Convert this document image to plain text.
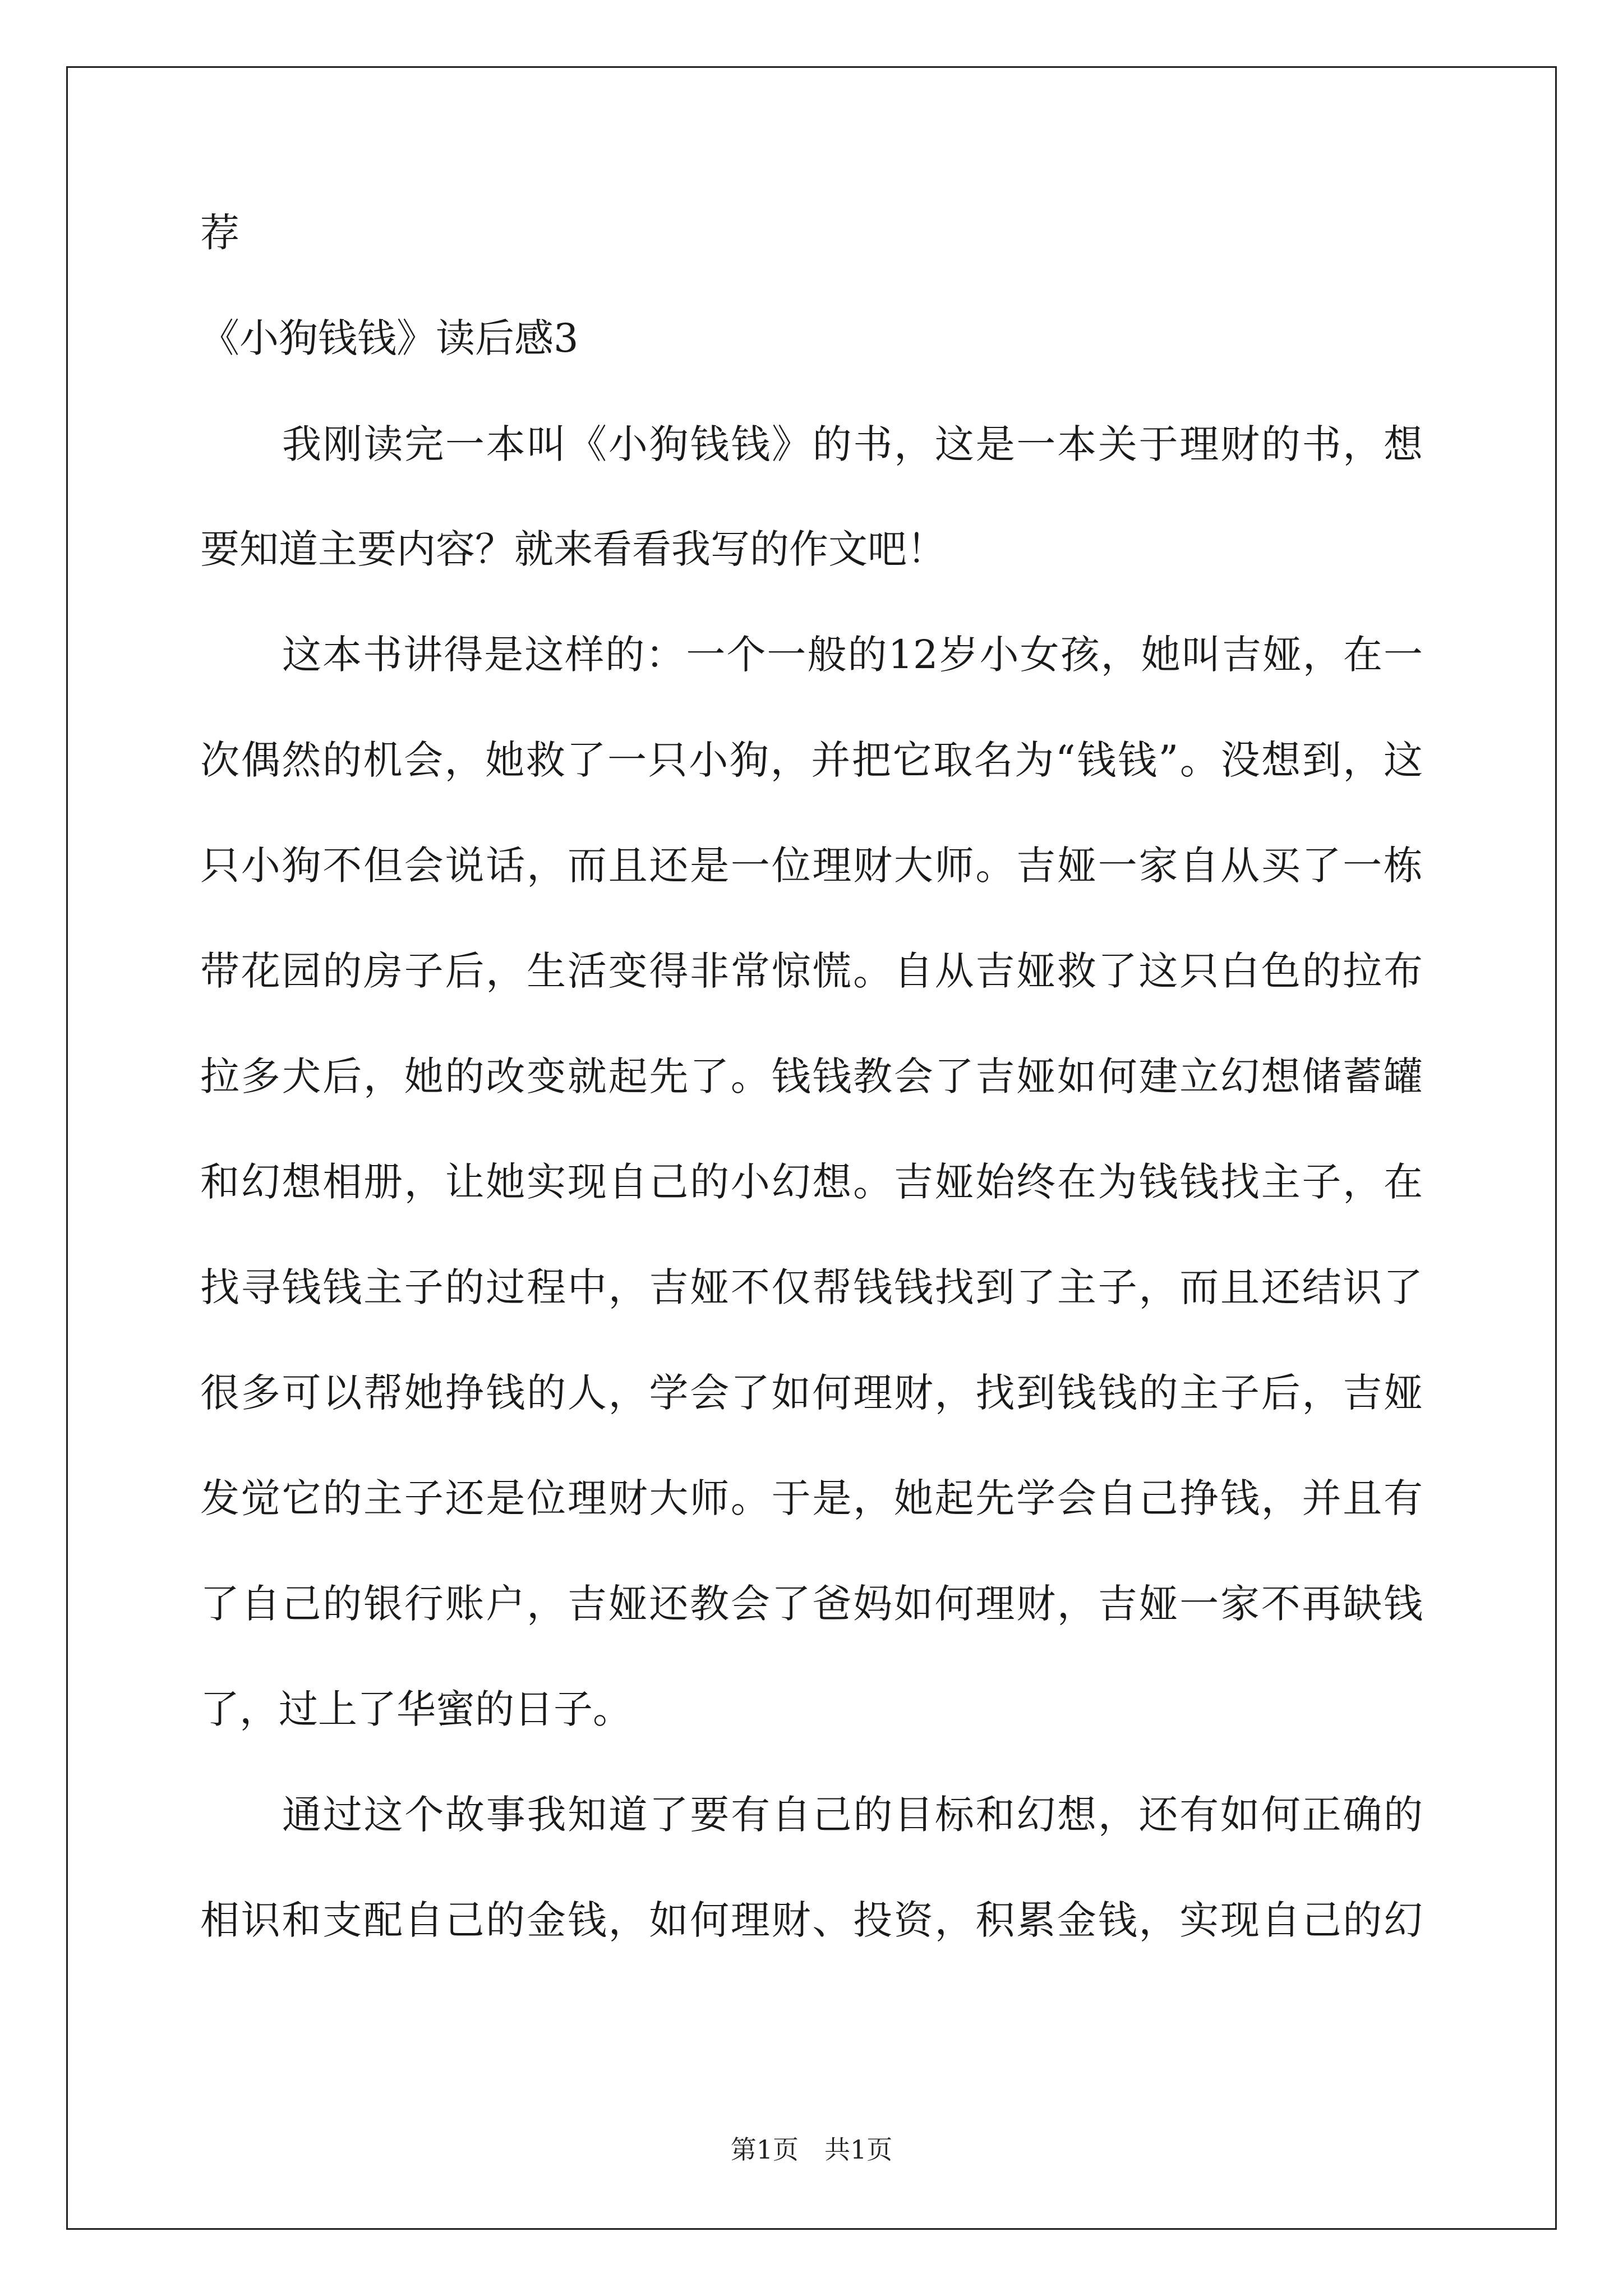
荐
《小狗钱钱》读后感3
我刚读完一本叫《小狗钱钱》的书，这是一本关于理财的书，想
要知道主要内容？就来看看我写的作文吧！
这本书讲得是这样的：一个一般的12岁小女孩，她叫吉娅，在一
次偶然的机会，她救了一只小狗，并把它取名为“钱钱”。没想到，这
只小狗不但会说话，而且还是一位理财大师。吉娅一家自从买了一栋
带花园的房子后，生活变得非常惊慌。自从吉娅救了这只白色的拉布
拉多犬后，她的改变就起先了。钱钱教会了吉娅如何建立幻想储蓄罐
和幻想相册，让她实现自己的小幻想。吉娅始终在为钱钱找主子，在
找寻钱钱主子的过程中，吉娅不仅帮钱钱找到了主子，而且还结识了
很多可以帮她挣钱的人，学会了如何理财，找到钱钱的主子后，吉娅
发觉它的主子还是位理财大师。于是，她起先学会自己挣钱，并且有
了自己的银行账户，吉娅还教会了爸妈如何理财，吉娅一家不再缺钱
了，过上了华蜜的日子。
通过这个故事我知道了要有自己的目标和幻想，还有如何正确的
相识和支配自己的金钱，如何理财、投资，积累金钱，实现自己的幻
第1页　共1页
